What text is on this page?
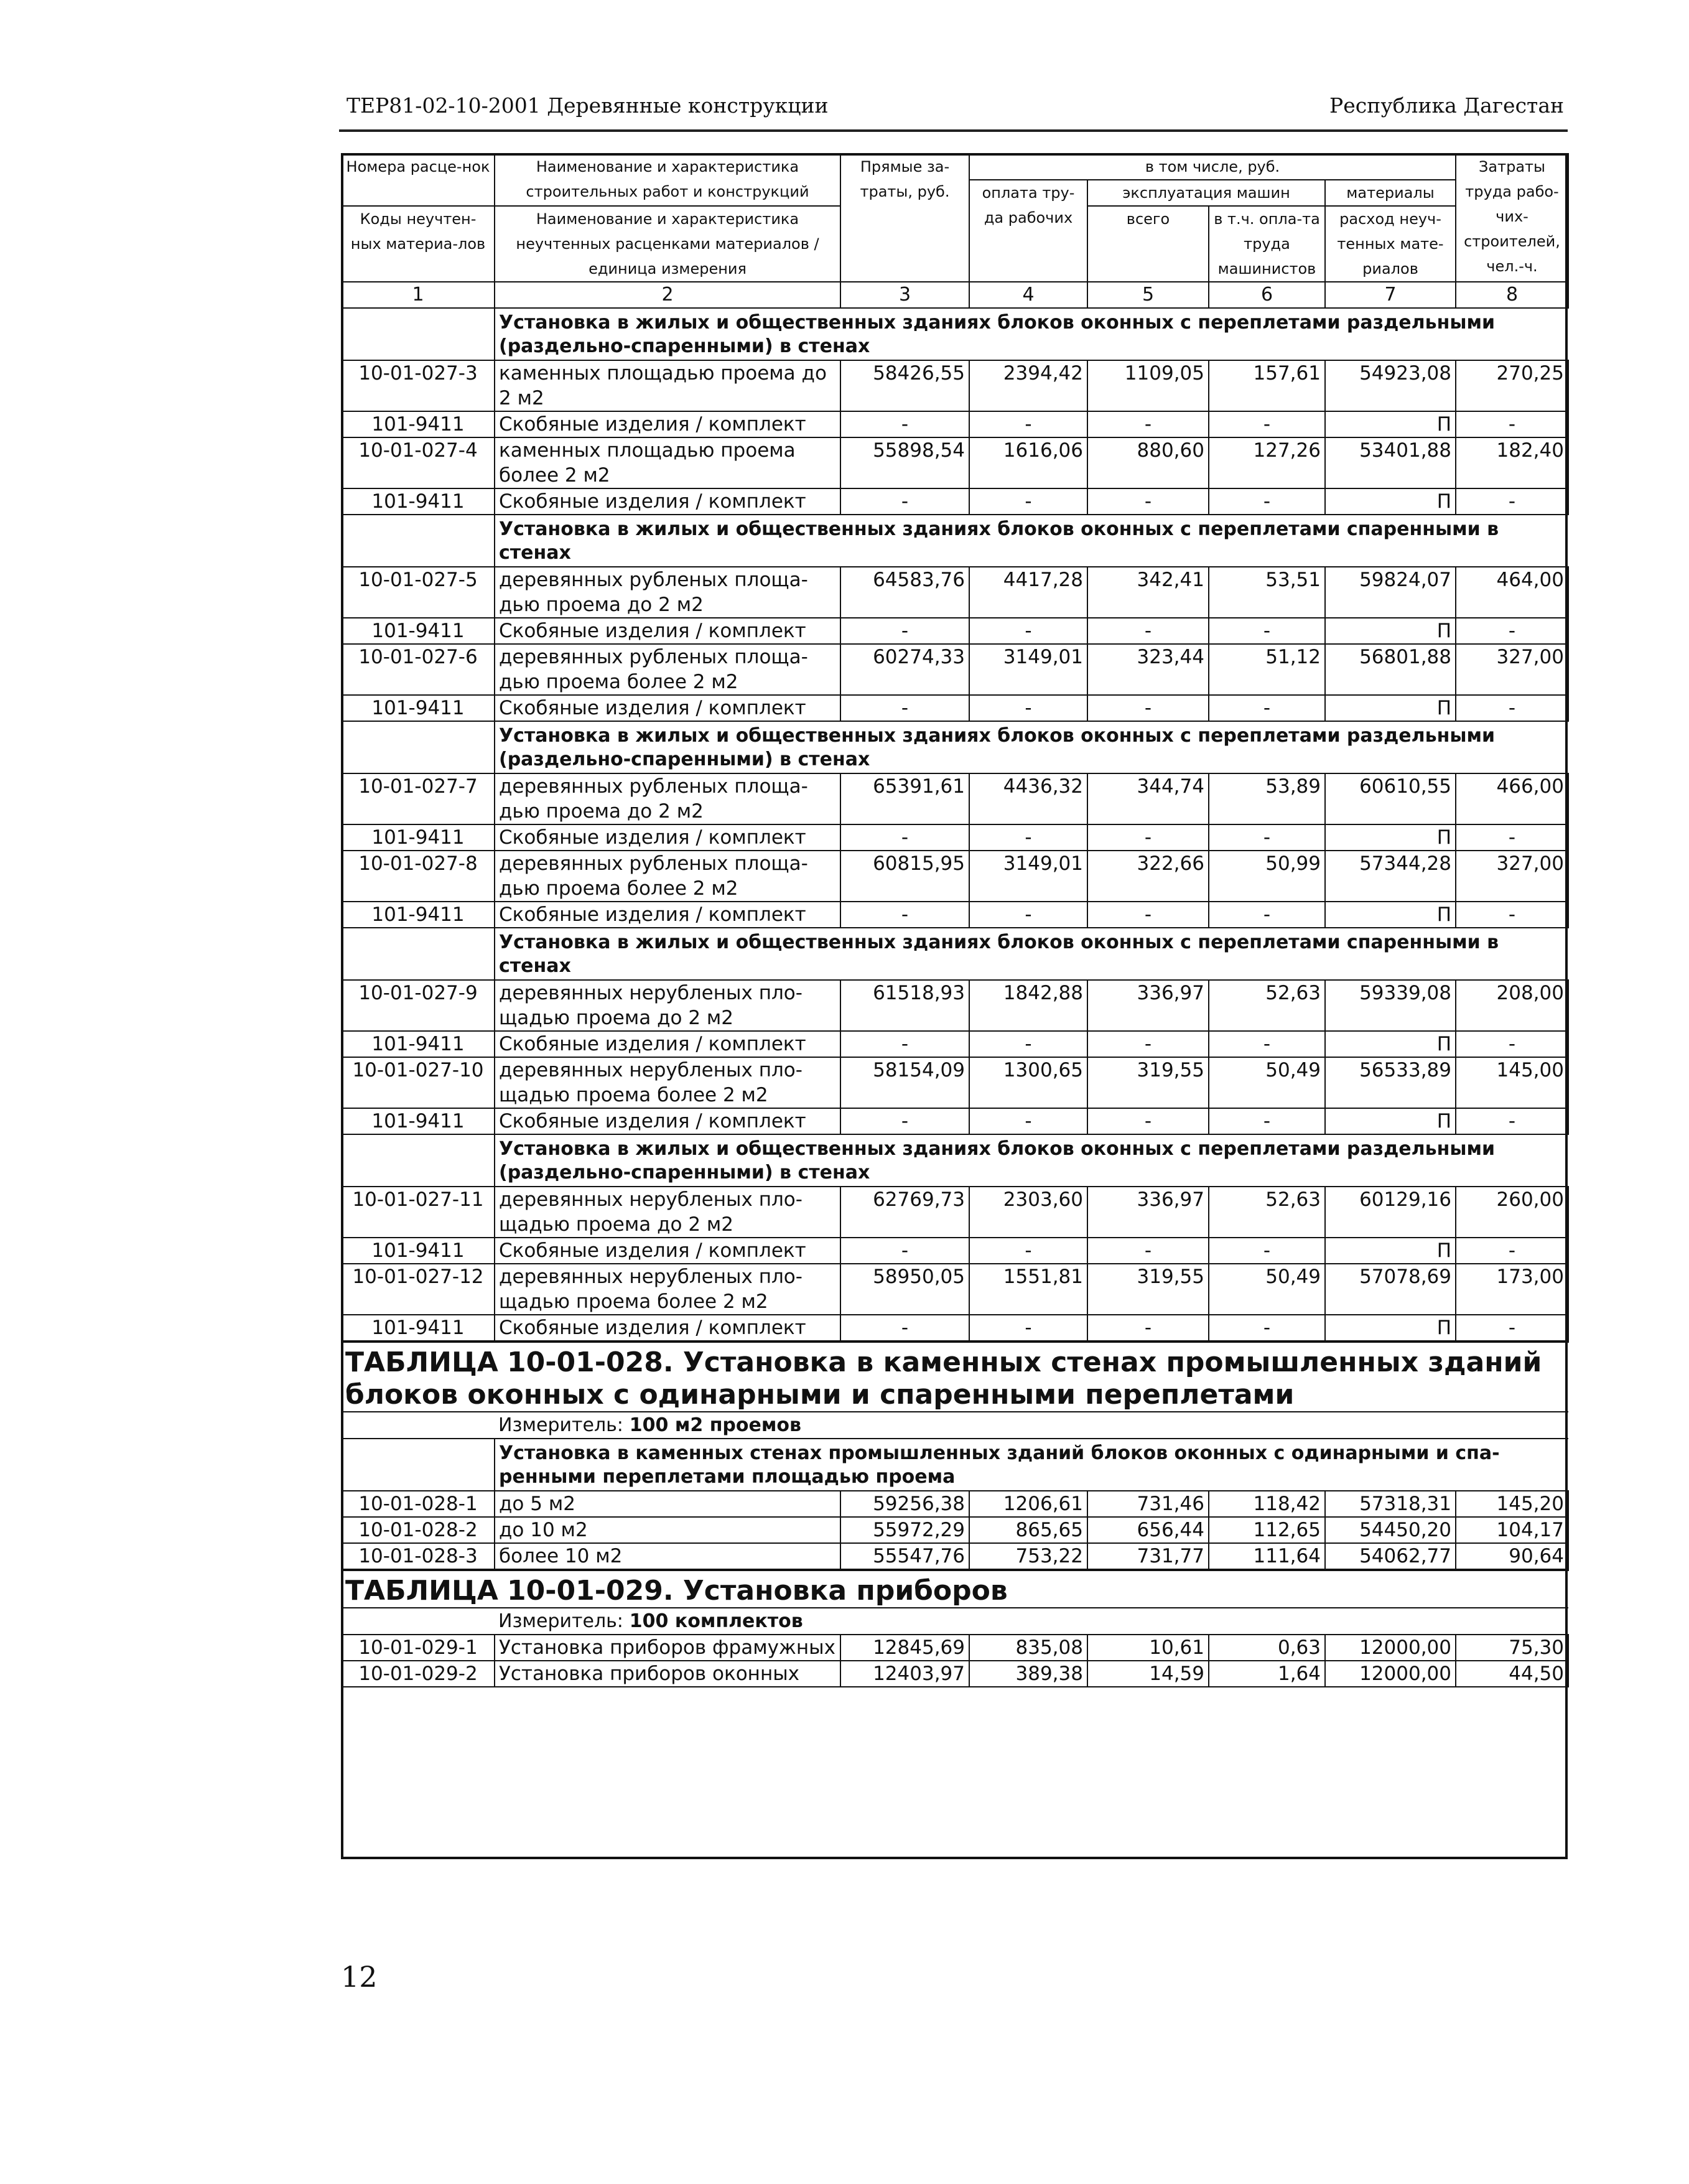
ТЕР81-02-10-2001 Деревянные конструкции	Республика Дагестан
Номера расце-нок	Наименование и характеристика строительных работ и конструкций	Прямые за-траты, руб.	в том числе, руб.				Затраты труда рабо-чих-строителей, чел.-ч.
			оплата тру-да рабочих	эксплуатация машин		материалы	
Коды неучтен-ных материа-лов	Наименование и характеристика неучтенных расценками материалов / единица измерения			всего	в т.ч. опла-та труда машинистов	расход неуч-тенных мате-риалов	
1	2	3	4	5	6	7	8
	Установка в жилых и общественных зданиях блоков оконных с переплетами раздельными (раздельно-спаренными) в стенах						
10-01-027-3	каменных площадью проема до 2 м2	58426,55	2394,42	1109,05	157,61	54923,08	270,25
101-9411	Скобяные изделия / комплект	-	-	-	-	П	-
10-01-027-4	каменных площадью проема более 2 м2	55898,54	1616,06	880,60	127,26	53401,88	182,40
101-9411	Скобяные изделия / комплект	-	-	-	-	П	-
	Установка в жилых и общественных зданиях блоков оконных с переплетами спаренными в стенах						
10-01-027-5	деревянных рубленых площа-дью проема до 2 м2	64583,76	4417,28	342,41	53,51	59824,07	464,00
101-9411	Скобяные изделия / комплект	-	-	-	-	П	-
10-01-027-6	деревянных рубленых площа-дью проема более 2 м2	60274,33	3149,01	323,44	51,12	56801,88	327,00
101-9411	Скобяные изделия / комплект	-	-	-	-	П	-
	Установка в жилых и общественных зданиях блоков оконных с переплетами раздельными (раздельно-спаренными) в стенах						
10-01-027-7	деревянных рубленых площа-дью проема до 2 м2	65391,61	4436,32	344,74	53,89	60610,55	466,00
101-9411	Скобяные изделия / комплект	-	-	-	-	П	-
10-01-027-8	деревянных рубленых площа-дью проема более 2 м2	60815,95	3149,01	322,66	50,99	57344,28	327,00
101-9411	Скобяные изделия / комплект	-	-	-	-	П	-
	Установка в жилых и общественных зданиях блоков оконных с переплетами спаренными в стенах						
10-01-027-9	деревянных нерубленых пло-щадью проема до 2 м2	61518,93	1842,88	336,97	52,63	59339,08	208,00
101-9411	Скобяные изделия / комплект	-	-	-	-	П	-
10-01-027-10	деревянных нерубленых пло-щадью проема более 2 м2	58154,09	1300,65	319,55	50,49	56533,89	145,00
101-9411	Скобяные изделия / комплект	-	-	-	-	П	-
	Установка в жилых и общественных зданиях блоков оконных с переплетами раздельными (раздельно-спаренными) в стенах						
10-01-027-11	деревянных нерубленых пло-щадью проема до 2 м2	62769,73	2303,60	336,97	52,63	60129,16	260,00
101-9411	Скобяные изделия / комплект	-	-	-	-	П	-
10-01-027-12	деревянных нерубленых пло-щадью проема более 2 м2	58950,05	1551,81	319,55	50,49	57078,69	173,00
101-9411	Скобяные изделия / комплект	-	-	-	-	П	-
ТАБЛИЦА 10-01-028. Установка в каменных стенах промышленных зданий блоков оконных с одинарными и спаренными переплетами							
	Измеритель: 100 м2 проемов						
	Установка в каменных стенах промышленных зданий блоков оконных с одинарными и спа-ренными переплетами площадью проема						
10-01-028-1	до 5 м2	59256,38	1206,61	731,46	118,42	57318,31	145,20
10-01-028-2	до 10 м2	55972,29	865,65	656,44	112,65	54450,20	104,17
10-01-028-3	более 10 м2	55547,76	753,22	731,77	111,64	54062,77	90,64
ТАБЛИЦА 10-01-029. Установка приборов							
	Измеритель: 100 комплектов						
10-01-029-1	Установка приборов фрамужных	12845,69	835,08	10,61	0,63	12000,00	75,30
10-01-029-2	Установка приборов оконных	12403,97	389,38	14,59	1,64	12000,00	44,50
12
